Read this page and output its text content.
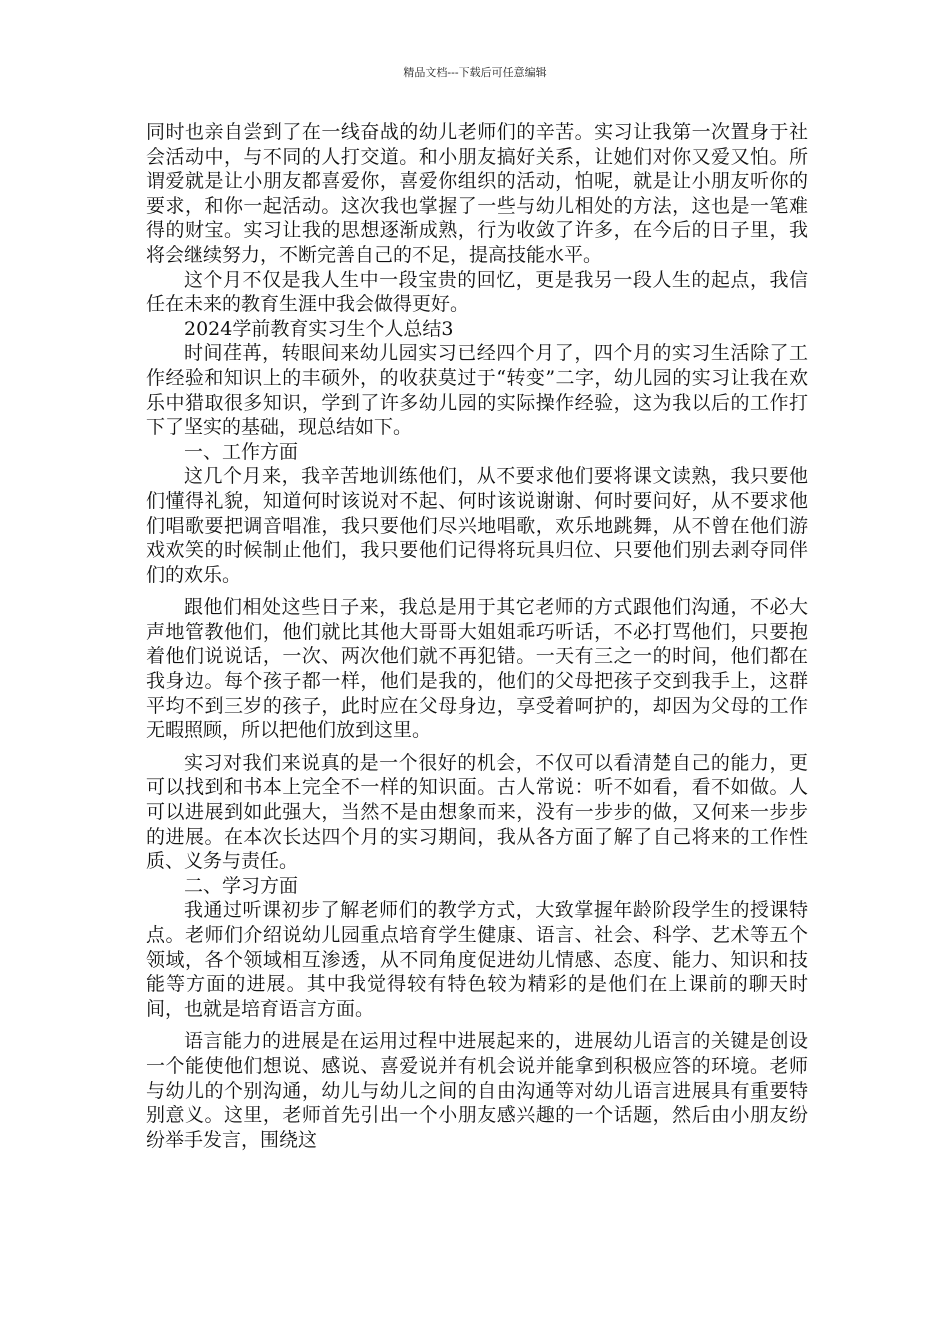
精品文档---下载后可任意编辑

同时也亲自尝到了在一线奋战的幼儿老师们的辛苦。实习让我第一次置身于社会活动中，与不同的人打交道。和小朋友搞好关系，让她们对你又爱又怕。所谓爱就是让小朋友都喜爱你，喜爱你组织的活动，怕呢，就是让小朋友听你的要求，和你一起活动。这次我也掌握了一些与幼儿相处的方法，这也是一笔难得的财宝。实习让我的思想逐渐成熟，行为收敛了许多，在今后的日子里，我将会继续努力，不断完善自己的不足，提高技能水平。

这个月不仅是我人生中一段宝贵的回忆，更是我另一段人生的起点，我信任在未来的教育生涯中我会做得更好。

2024学前教育实习生个人总结3

时间荏苒，转眼间来幼儿园实习已经四个月了，四个月的实习生活除了工作经验和知识上的丰硕外，的收获莫过于“转变”二字，幼儿园的实习让我在欢乐中猎取很多知识，学到了许多幼儿园的实际操作经验，这为我以后的工作打下了坚实的基础，现总结如下。

一、工作方面

这几个月来，我辛苦地训练他们，从不要求他们要将课文读熟，我只要他们懂得礼貌，知道何时该说对不起、何时该说谢谢、何时要问好，从不要求他们唱歌要把调音唱准，我只要他们尽兴地唱歌，欢乐地跳舞，从不曾在他们游戏欢笑的时候制止他们，我只要他们记得将玩具归位、只要他们别去剥夺同伴们的欢乐。

跟他们相处这些日子来，我总是用于其它老师的方式跟他们沟通，不必大声地管教他们，他们就比其他大哥哥大姐姐乖巧听话，不必打骂他们，只要抱着他们说说话，一次、两次他们就不再犯错。一天有三之一的时间，他们都在我身边。每个孩子都一样，他们是我的，他们的父母把孩子交到我手上，这群平均不到三岁的孩子，此时应在父母身边，享受着呵护的，却因为父母的工作无暇照顾，所以把他们放到这里。

实习对我们来说真的是一个很好的机会，不仅可以看清楚自己的能力，更可以找到和书本上完全不一样的知识面。古人常说：听不如看，看不如做。人可以进展到如此强大，当然不是由想象而来，没有一步步的做，又何来一步步的进展。在本次长达四个月的实习期间，我从各方面了解了自己将来的工作性质、义务与责任。

二、学习方面

我通过听课初步了解老师们的教学方式，大致掌握年龄阶段学生的授课特点。老师们介绍说幼儿园重点培育学生健康、语言、社会、科学、艺术等五个领域，各个领域相互渗透，从不同角度促进幼儿情感、态度、能力、知识和技能等方面的进展。其中我觉得较有特色较为精彩的是他们在上课前的聊天时间，也就是培育语言方面。

语言能力的进展是在运用过程中进展起来的，进展幼儿语言的关键是创设一个能使他们想说、感说、喜爱说并有机会说并能拿到积极应答的环境。老师与幼儿的个别沟通，幼儿与幼儿之间的自由沟通等对幼儿语言进展具有重要特别意义。这里，老师首先引出一个小朋友感兴趣的一个话题，然后由小朋友纷纷举手发言，围绕这
